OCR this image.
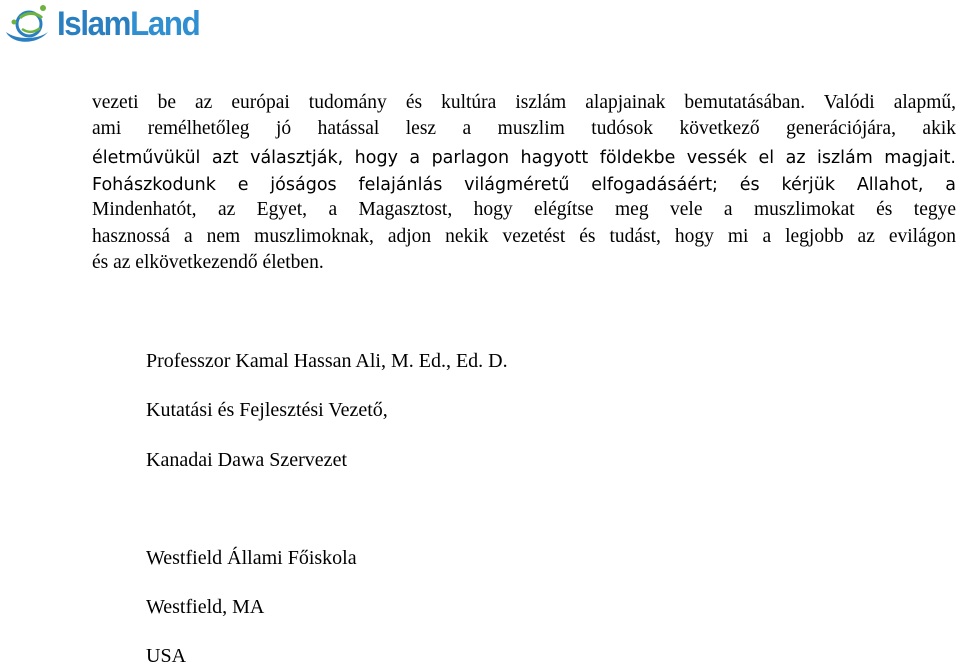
IslamLand
vezeti be az európai tudomány és kultúra iszlám alapjainak bemutatásában. Valódi alapmű,
ami remélhetőleg jó hatással lesz a muszlim tudósok következő generációjára, akik
életművükül azt választják, hogy a parlagon hagyott földekbe vessék el az iszlám magjait.
Fohászkodunk e jóságos felajánlás világméretű elfogadásáért; és kérjük Allahot, a
Mindenhatót, az Egyet, a Magasztost, hogy elégítse meg vele a muszlimokat és tegye
hasznossá a nem muszlimoknak, adjon nekik vezetést és tudást, hogy mi a legjobb az evilágon
és az elkövetkezendő életben.
Professzor Kamal Hassan Ali, M. Ed., Ed. D.
Kutatási és Fejlesztési Vezető,
Kanadai Dawa Szervezet
Westfield Állami Főiskola
Westfield, MA
USA
